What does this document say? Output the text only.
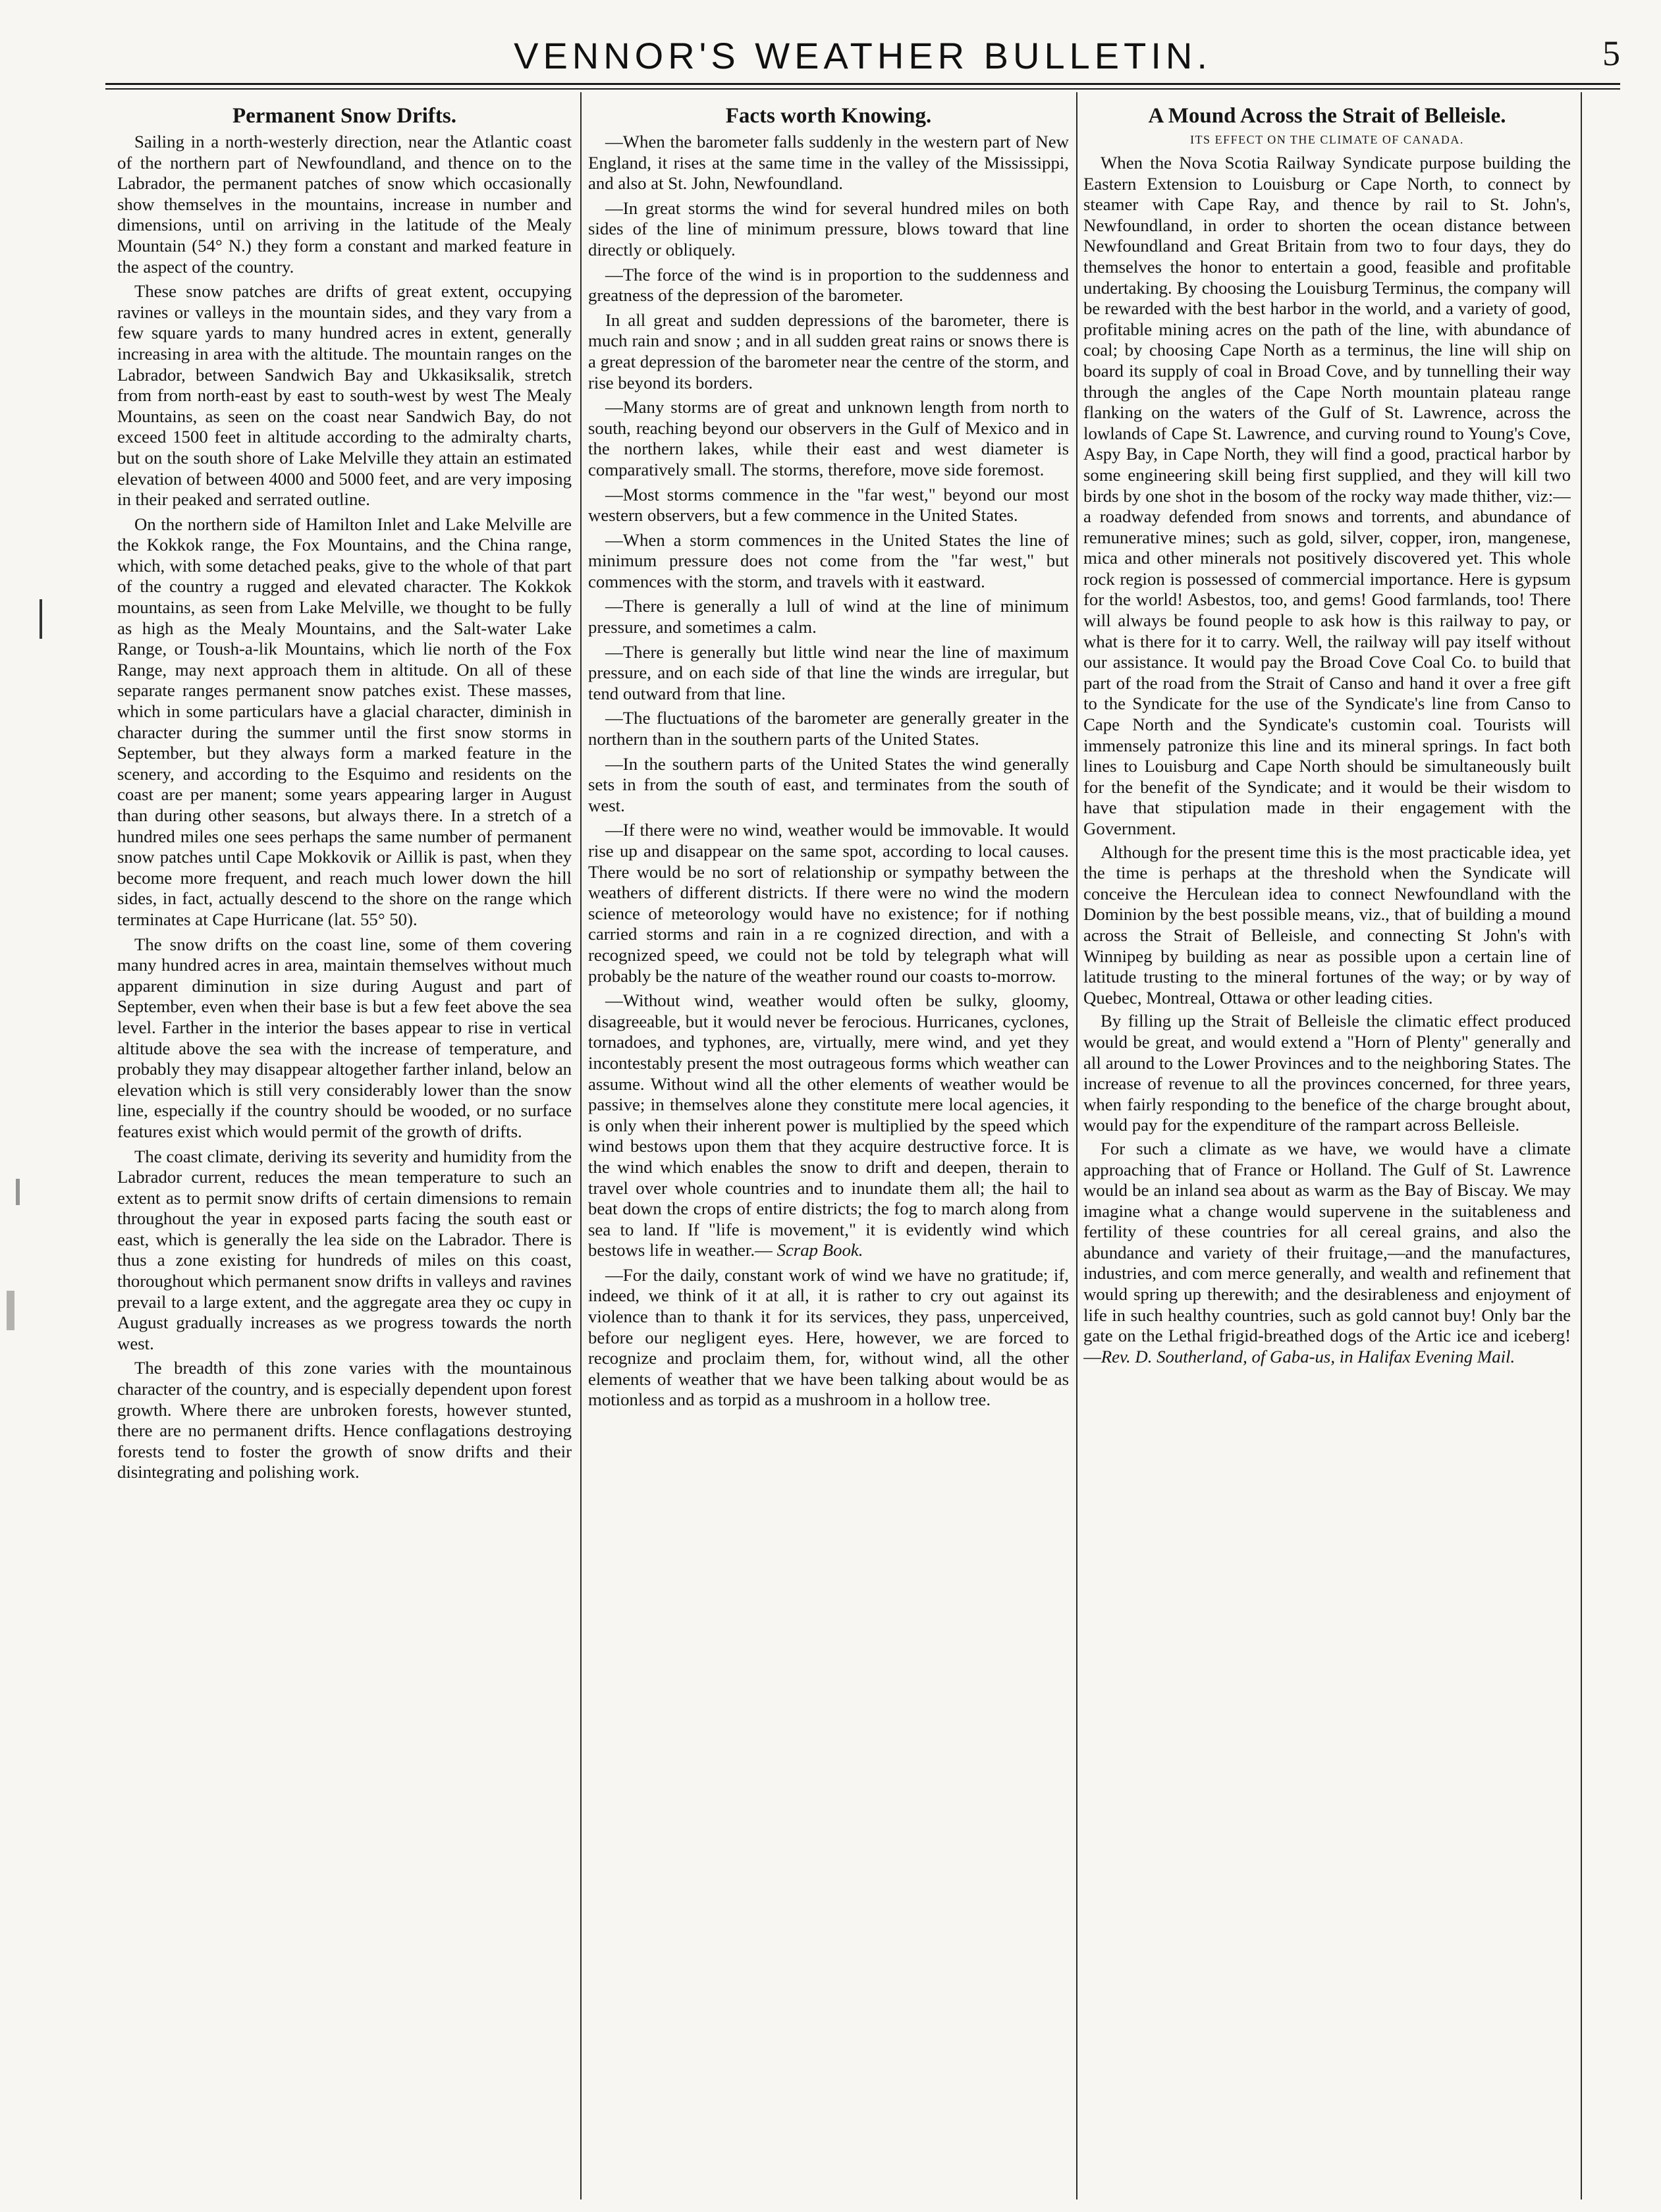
VENNOR'S WEATHER BULLETIN.	5
Permanent Snow Drifts.

Sailing in a north-westerly direction, near the Atlantic coast of the northern part of Newfoundland, and thence on to the Labrador, the permanent patches of snow which occasionally show themselves in the mountains, increase in number and dimensions, until on arriving in the latitude of the Mealy Mountain (54° N.) they form a constant and marked feature in the aspect of the country.

These snow patches are drifts of great extent, occupying ravines or valleys in the mountain sides, and they vary from a few square yards to many hundred acres in extent, generally increasing in area with the altitude. The mountain ranges on the Labrador, between Sandwich Bay and Ukkasiksalik, stretch from from north-east by east to south-west by west The Mealy Mountains, as seen on the coast near Sandwich Bay, do not exceed 1500 feet in altitude according to the admiralty charts, but on the south shore of Lake Melville they attain an estimated elevation of between 4000 and 5000 feet, and are very imposing in their peaked and serrated outline.

On the northern side of Hamilton Inlet and Lake Melville are the Kokkok range, the Fox Mountains, and the China range, which, with some detached peaks, give to the whole of that part of the country a rugged and elevated character. The Kokkok mountains, as seen from Lake Melville, we thought to be fully as high as the Mealy Mountains, and the Salt-water Lake Range, or Toush-a-lik Mountains, which lie north of the Fox Range, may next approach them in altitude. On all of these separate ranges permanent snow patches exist. These masses, which in some particulars have a glacial character, diminish in character during the summer until the first snow storms in September, but they always form a marked feature in the scenery, and according to the Esquimo and residents on the coast are per manent; some years appearing larger in August than during other seasons, but always there. In a stretch of a hundred miles one sees perhaps the same number of permanent snow patches until Cape Mokkovik or Aillik is past, when they become more frequent, and reach much lower down the hill sides, in fact, actually descend to the shore on the range which terminates at Cape Hurricane (lat. 55° 50).

The snow drifts on the coast line, some of them covering many hundred acres in area, maintain themselves without much apparent diminution in size during August and part of September, even when their base is but a few feet above the sea level. Farther in the interior the bases appear to rise in vertical altitude above the sea with the increase of temperature, and probably they may disappear altogether farther inland, below an elevation which is still very considerably lower than the snow line, especially if the country should be wooded, or no surface features exist which would permit of the growth of drifts.

The coast climate, deriving its severity and humidity from the Labrador current, reduces the mean temperature to such an extent as to permit snow drifts of certain dimensions to remain throughout the year in exposed parts facing the south east or east, which is generally the lea side on the Labrador. There is thus a zone existing for hundreds of miles on this coast, thoroughout which permanent snow drifts in valleys and ravines prevail to a large extent, and the aggregate area they oc cupy in August gradually increases as we progress towards the north west.

The breadth of this zone varies with the mountainous character of the country, and is especially dependent upon forest growth. Where there are unbroken forests, however stunted, there are no permanent drifts. Hence conflagations destroying forests tend to foster the growth of snow drifts and their disintegrating and polishing work.

Facts worth Knowing.

—When the barometer falls suddenly in the western part of New England, it rises at the same time in the valley of the Mississippi, and also at St. John, Newfoundland.

—In great storms the wind for several hundred miles on both sides of the line of minimum pressure, blows toward that line directly or obliquely.

—The force of the wind is in proportion to the suddenness and greatness of the depression of the barometer.

In all great and sudden depressions of the barometer, there is much rain and snow ; and in all sudden great rains or snows there is a great depression of the barometer near the centre of the storm, and rise beyond its borders.

—Many storms are of great and unknown length from north to south, reaching beyond our observers in the Gulf of Mexico and in the northern lakes, while their east and west diameter is comparatively small. The storms, therefore, move side foremost.

—Most storms commence in the "far west," beyond our most western observers, but a few commence in the United States.

—When a storm commences in the United States the line of minimum pressure does not come from the "far west," but commences with the storm, and travels with it eastward.

—There is generally a lull of wind at the line of minimum pressure, and sometimes a calm.

—There is generally but little wind near the line of maximum pressure, and on each side of that line the winds are irregular, but tend outward from that line.

—The fluctuations of the barometer are generally greater in the northern than in the southern parts of the United States.

—In the southern parts of the United States the wind generally sets in from the south of east, and terminates from the south of west.

—If there were no wind, weather would be immovable. It would rise up and disappear on the same spot, according to local causes. There would be no sort of relationship or sympathy between the weathers of different districts. If there were no wind the modern science of meteorology would have no existence; for if nothing carried storms and rain in a re cognized direction, and with a recognized speed, we could not be told by telegraph what will probably be the nature of the weather round our coasts to-morrow.

—Without wind, weather would often be sulky, gloomy, disagreeable, but it would never be ferocious. Hurricanes, cyclones, tornadoes, and typhones, are, virtually, mere wind, and yet they incontestably present the most outrageous forms which weather can assume. Without wind all the other elements of weather would be passive; in themselves alone they constitute mere local agencies, it is only when their inherent power is multiplied by the speed which wind bestows upon them that they acquire destructive force. It is the wind which enables the snow to drift and deepen, therain to travel over whole countries and to inundate them all; the hail to beat down the crops of entire districts; the fog to march along from sea to land. If "life is movement," it is evidently wind which bestows life in weather.— Scrap Book.

—For the daily, constant work of wind we have no gratitude; if, indeed, we think of it at all, it is rather to cry out against its violence than to thank it for its services, they pass, unperceived, before our negligent eyes. Here, however, we are forced to recognize and proclaim them, for, without wind, all the other elements of weather that we have been talking about would be as motionless and as torpid as a mushroom in a hollow tree.

A Mound Across the Strait of Belleisle.
ITS EFFECT ON THE CLIMATE OF CANADA.

When the Nova Scotia Railway Syndicate purpose building the Eastern Extension to Louisburg or Cape North, to connect by steamer with Cape Ray, and thence by rail to St. John's, Newfoundland, in order to shorten the ocean distance between Newfoundland and Great Britain from two to four days, they do themselves the honor to entertain a good, feasible and profitable undertaking. By choosing the Louisburg Terminus, the company will be rewarded with the best harbor in the world, and a variety of good, profitable mining acres on the path of the line, with abundance of coal; by choosing Cape North as a terminus, the line will ship on board its supply of coal in Broad Cove, and by tunnelling their way through the angles of the Cape North mountain plateau range flanking on the waters of the Gulf of St. Lawrence, across the lowlands of Cape St. Lawrence, and curving round to Young's Cove, Aspy Bay, in Cape North, they will find a good, practical harbor by some engineering skill being first supplied, and they will kill two birds by one shot in the bosom of the rocky way made thither, viz:—a roadway defended from snows and torrents, and abundance of remunerative mines; such as gold, silver, copper, iron, mangenese, mica and other minerals not positively discovered yet. This whole rock region is possessed of commercial importance. Here is gypsum for the world! Asbestos, too, and gems! Good farmlands, too! There will always be found people to ask how is this railway to pay, or what is there for it to carry. Well, the railway will pay itself without our assistance. It would pay the Broad Cove Coal Co. to build that part of the road from the Strait of Canso and hand it over a free gift to the Syndicate for the use of the Syndicate's line from Canso to Cape North and the Syndicate's customin coal. Tourists will immensely patronize this line and its mineral springs. In fact both lines to Louisburg and Cape North should be simultaneously built for the benefit of the Syndicate; and it would be their wisdom to have that stipulation made in their engagement with the Government.

Although for the present time this is the most practicable idea, yet the time is perhaps at the threshold when the Syndicate will conceive the Herculean idea to connect Newfoundland with the Dominion by the best possible means, viz., that of building a mound across the Strait of Belleisle, and connecting St John's with Winnipeg by building as near as possible upon a certain line of latitude trusting to the mineral fortunes of the way; or by way of Quebec, Montreal, Ottawa or other leading cities.

By filling up the Strait of Belleisle the climatic effect produced would be great, and would extend a "Horn of Plenty" generally and all around to the Lower Provinces and to the neighboring States. The increase of revenue to all the provinces concerned, for three years, when fairly responding to the benefice of the charge brought about, would pay for the expenditure of the rampart across Belleisle.

For such a climate as we have, we would have a climate approaching that of France or Holland. The Gulf of St. Lawrence would be an inland sea about as warm as the Bay of Biscay. We may imagine what a change would supervene in the suitableness and fertility of these countries for all cereal grains, and also the abundance and variety of their fruitage,—and the manufactures, industries, and com merce generally, and wealth and refinement that would spring up therewith; and the desirableness and enjoyment of life in such healthy countries, such as gold cannot buy! Only bar the gate on the Lethal frigid-breathed dogs of the Artic ice and iceberg!—Rev. D. Southerland, of Gaba-us, in Halifax Evening Mail.
